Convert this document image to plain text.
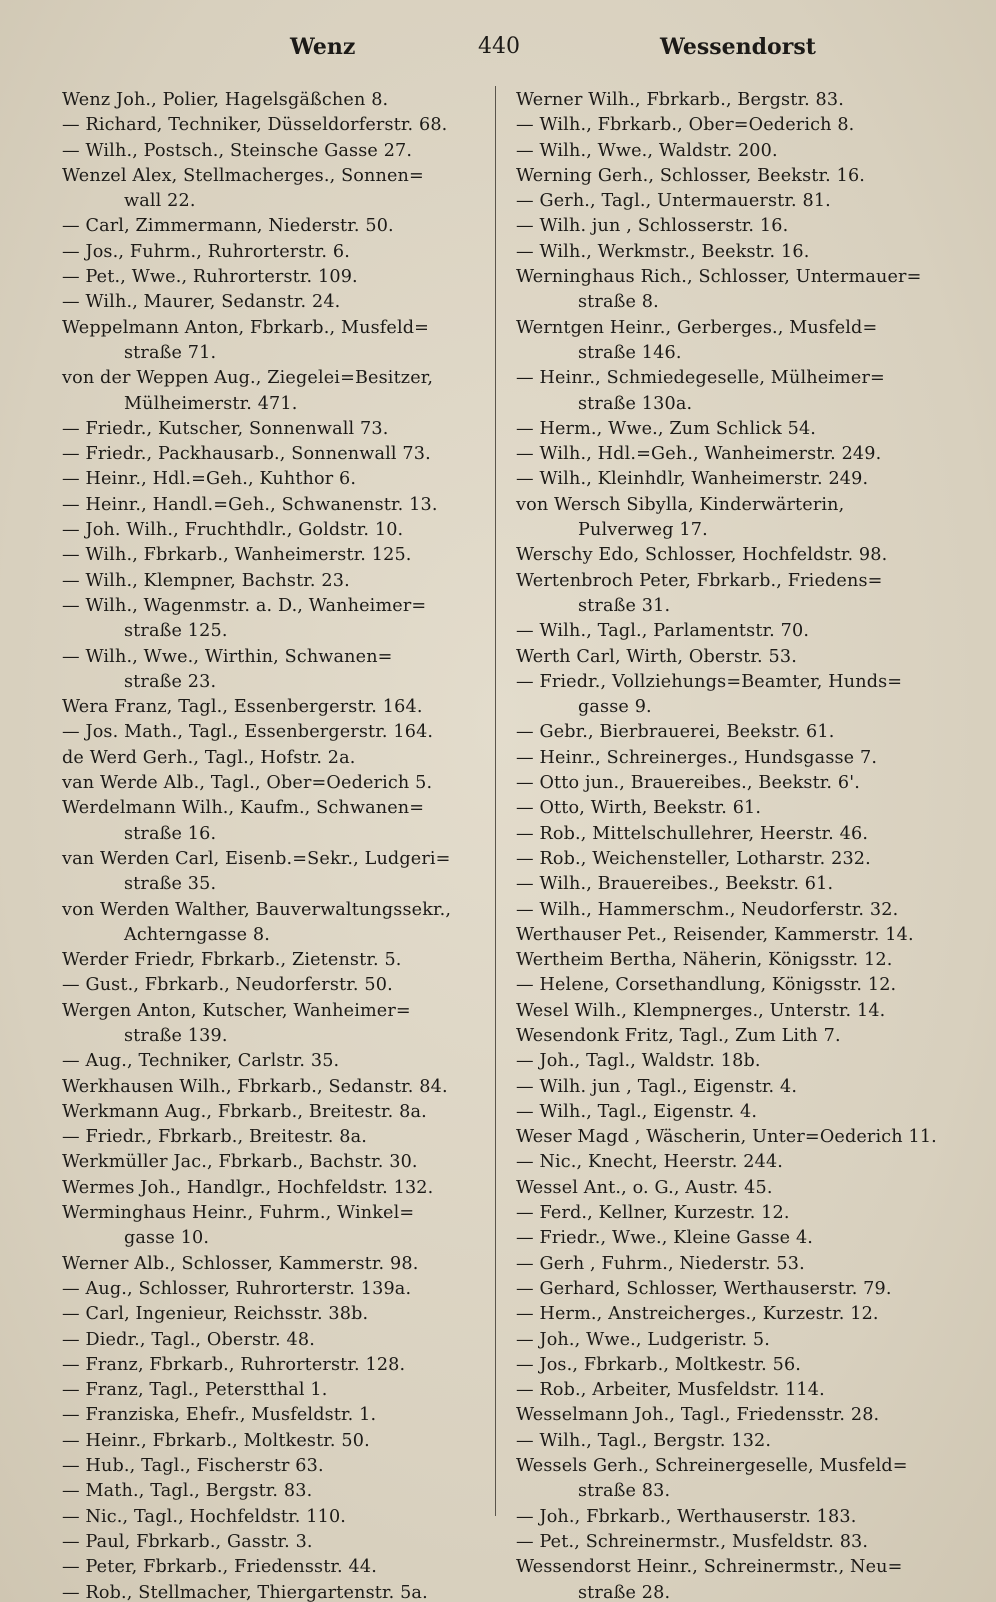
Wenz	440	Wessendorst
Wenz Joh., Polier, Hagelsgäßchen 8.
— Richard, Techniker, Düsseldorferstr. 68.
— Wilh., Postsch., Steinsche Gasse 27.
Wenzel Alex, Stellmacherges., Sonnen=
wall 22.
— Carl, Zimmermann, Niederstr. 50.
— Jos., Fuhrm., Ruhrorterstr. 6.
— Pet., Wwe., Ruhrorterstr. 109.
— Wilh., Maurer, Sedanstr. 24.
Weppelmann Anton, Fbrkarb., Musfeld=
straße 71.
von der Weppen Aug., Ziegelei=Besitzer,
Mülheimerstr. 471.
— Friedr., Kutscher, Sonnenwall 73.
— Friedr., Packhausarb., Sonnenwall 73.
— Heinr., Hdl.=Geh., Kuhthor 6.
— Heinr., Handl.=Geh., Schwanenstr. 13.
— Joh. Wilh., Fruchthdlr., Goldstr. 10.
— Wilh., Fbrkarb., Wanheimerstr. 125.
— Wilh., Klempner, Bachstr. 23.
— Wilh., Wagenmstr. a. D., Wanheimer=
straße 125.
— Wilh., Wwe., Wirthin, Schwanen=
straße 23.
Wera Franz, Tagl., Essenbergerstr. 164.
— Jos. Math., Tagl., Essenbergerstr. 164.
de Werd Gerh., Tagl., Hofstr. 2a.
van Werde Alb., Tagl., Ober=Oederich 5.
Werdelmann Wilh., Kaufm., Schwanen=
straße 16.
van Werden Carl, Eisenb.=Sekr., Ludgeri=
straße 35.
von Werden Walther, Bauverwaltungssekr.,
Achterngasse 8.
Werder Friedr, Fbrkarb., Zietenstr. 5.
— Gust., Fbrkarb., Neudorferstr. 50.
Wergen Anton, Kutscher, Wanheimer=
straße 139.
— Aug., Techniker, Carlstr. 35.
Werkhausen Wilh., Fbrkarb., Sedanstr. 84.
Werkmann Aug., Fbrkarb., Breitestr. 8a.
— Friedr., Fbrkarb., Breitestr. 8a.
Werkmüller Jac., Fbrkarb., Bachstr. 30.
Wermes Joh., Handlgr., Hochfeldstr. 132.
Werminghaus Heinr., Fuhrm., Winkel=
gasse 10.
Werner Alb., Schlosser, Kammerstr. 98.
— Aug., Schlosser, Ruhrorterstr. 139a.
— Carl, Ingenieur, Reichsstr. 38b.
— Diedr., Tagl., Oberstr. 48.
— Franz, Fbrkarb., Ruhrorterstr. 128.
— Franz, Tagl., Peterstthal 1.
— Franziska, Ehefr., Musfeldstr. 1.
— Heinr., Fbrkarb., Moltkestr. 50.
— Hub., Tagl., Fischerstr 63.
— Math., Tagl., Bergstr. 83.
— Nic., Tagl., Hochfeldstr. 110.
— Paul, Fbrkarb., Gasstr. 3.
— Peter, Fbrkarb., Friedensstr. 44.
— Rob., Stellmacher, Thiergartenstr. 5a.
Werner Wilh., Fbrkarb., Bergstr. 83.
— Wilh., Fbrkarb., Ober=Oederich 8.
— Wilh., Wwe., Waldstr. 200.
Werning Gerh., Schlosser, Beekstr. 16.
— Gerh., Tagl., Untermauerstr. 81.
— Wilh. jun , Schlosserstr. 16.
— Wilh., Werkmstr., Beekstr. 16.
Werninghaus Rich., Schlosser, Untermauer=
straße 8.
Werntgen Heinr., Gerberges., Musfeld=
straße 146.
— Heinr., Schmiedegeselle, Mülheimer=
straße 130a.
— Herm., Wwe., Zum Schlick 54.
— Wilh., Hdl.=Geh., Wanheimerstr. 249.
— Wilh., Kleinhdlr, Wanheimerstr. 249.
von Wersch Sibylla, Kinderwärterin,
Pulverweg 17.
Werschy Edo, Schlosser, Hochfeldstr. 98.
Wertenbroch Peter, Fbrkarb., Friedens=
straße 31.
— Wilh., Tagl., Parlamentstr. 70.
Werth Carl, Wirth, Oberstr. 53.
— Friedr., Vollziehungs=Beamter, Hunds=
gasse 9.
— Gebr., Bierbrauerei, Beekstr. 61.
— Heinr., Schreinerges., Hundsgasse 7.
— Otto jun., Brauereibes., Beekstr. 6'.
— Otto, Wirth, Beekstr. 61.
— Rob., Mittelschullehrer, Heerstr. 46.
— Rob., Weichensteller, Lotharstr. 232.
— Wilh., Brauereibes., Beekstr. 61.
— Wilh., Hammerschm., Neudorferstr. 32.
Werthauser Pet., Reisender, Kammerstr. 14.
Wertheim Bertha, Näherin, Königsstr. 12.
— Helene, Corsethandlung, Königsstr. 12.
Wesel Wilh., Klempnerges., Unterstr. 14.
Wesendonk Fritz, Tagl., Zum Lith 7.
— Joh., Tagl., Waldstr. 18b.
— Wilh. jun , Tagl., Eigenstr. 4.
— Wilh., Tagl., Eigenstr. 4.
Weser Magd , Wäscherin, Unter=Oederich 11.
— Nic., Knecht, Heerstr. 244.
Wessel Ant., o. G., Austr. 45.
— Ferd., Kellner, Kurzestr. 12.
— Friedr., Wwe., Kleine Gasse 4.
— Gerh , Fuhrm., Niederstr. 53.
— Gerhard, Schlosser, Werthauserstr. 79.
— Herm., Anstreicherges., Kurzestr. 12.
— Joh., Wwe., Ludgeristr. 5.
— Jos., Fbrkarb., Moltkestr. 56.
— Rob., Arbeiter, Musfeldstr. 114.
Wesselmann Joh., Tagl., Friedensstr. 28.
— Wilh., Tagl., Bergstr. 132.
Wessels Gerh., Schreinergeselle, Musfeld=
straße 83.
— Joh., Fbrkarb., Werthauserstr. 183.
— Pet., Schreinermstr., Musfeldstr. 83.
Wessendorst Heinr., Schreinermstr., Neu=
straße 28.
